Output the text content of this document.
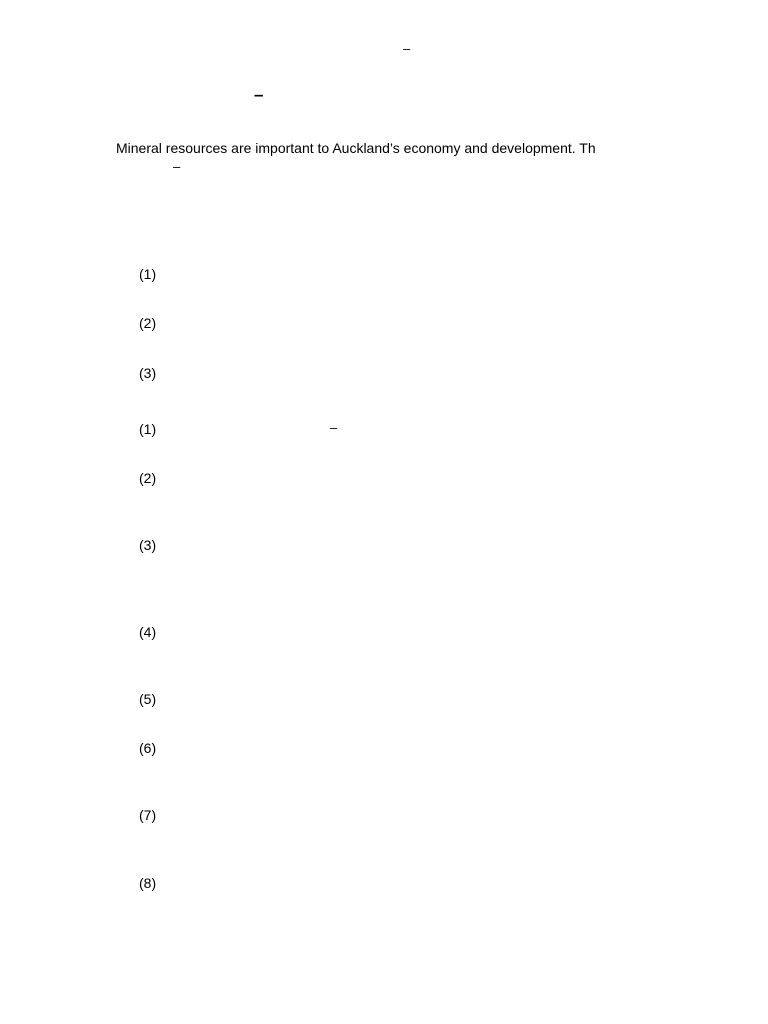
–
–
Mineral resources are important to Auckland’s economy and development. Th
–
(1)
(2)
(3)
(1)	–
(2)
(3)
(4)
(5)
(6)
(7)
(8)
